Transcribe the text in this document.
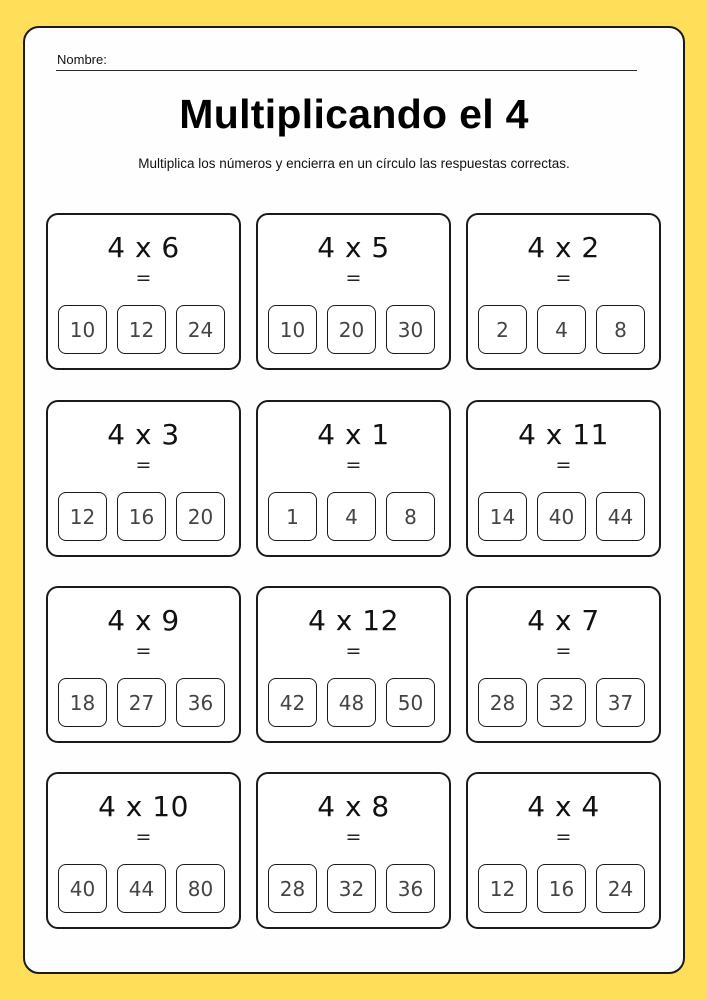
Nombre:
Multiplicando el 4
Multiplica los números y encierra en un círculo las respuestas correctas.
4 x 6
=
10	12	24
4 x 5
=
10	20	30
4 x 2
=
2	4	8
4 x 3
=
12	16	20
4 x 1
=
1	4	8
4 x 11
=
14	40	44
4 x 9
=
18	27	36
4 x 12
=
42	48	50
4 x 7
=
28	32	37
4 x 10
=
40	44	80
4 x 8
=
28	32	36
4 x 4
=
12	16	24
